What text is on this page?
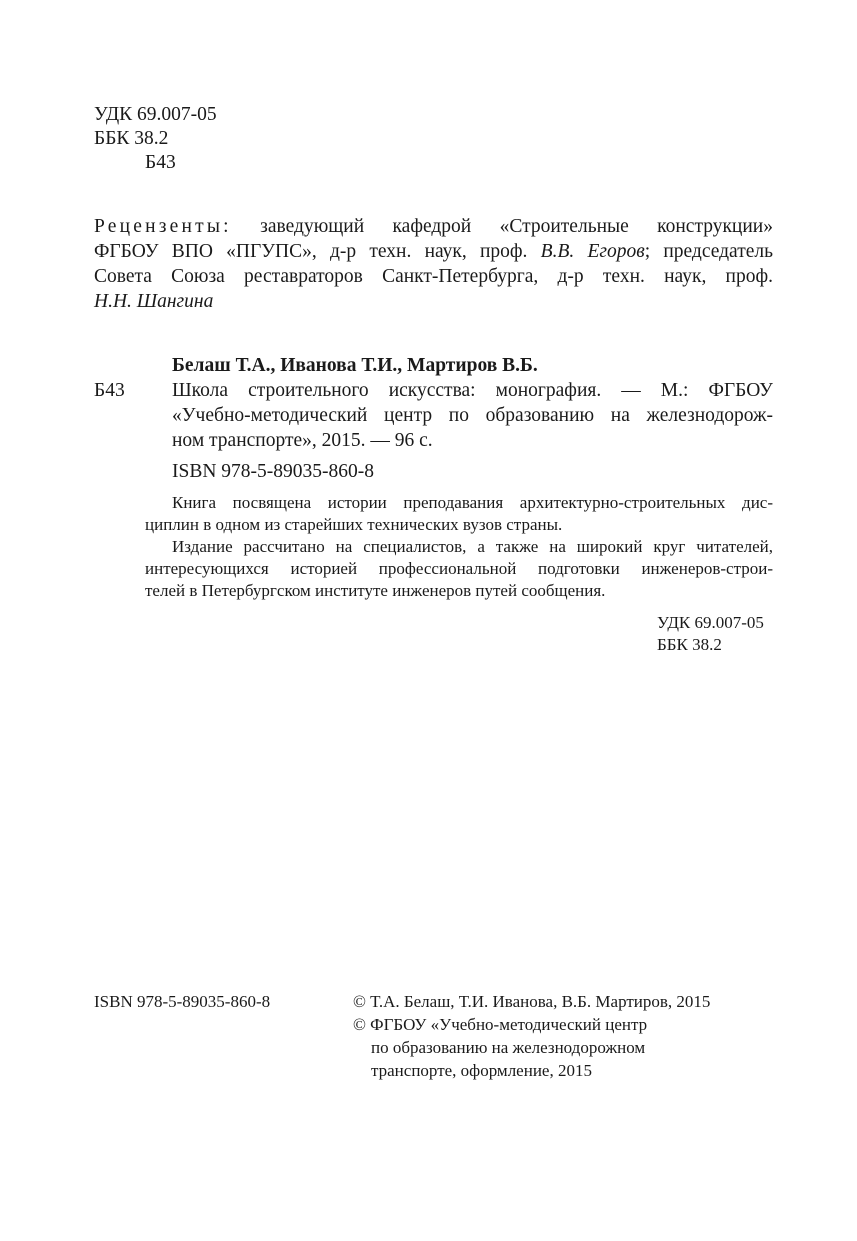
УДК 69.007-05
ББК 38.2
Б43
Рецензенты: заведующий кафедрой «Строительные конструкции»
ФГБОУ ВПО «ПГУПС», д-р техн. наук, проф. В.В. Егоров; председатель
Совета Союза реставраторов Санкт-Петербурга, д-р техн. наук, проф.
Н.Н. Шангина
Белаш Т.А., Иванова Т.И., Мартиров В.Б.
Б43 Школа строительного искусства: монография. — М.: ФГБОУ
«Учебно-методический центр по образованию на железнодорож-
ном транспорте», 2015. — 96 с.
ISBN 978-5-89035-860-8
Книга посвящена истории преподавания архитектурно-строительных дис-
циплин в одном из старейших технических вузов страны.
Издание рассчитано на специалистов, а также на широкий круг читателей,
интересующихся историей профессиональной подготовки инженеров-строи-
телей в Петербургском институте инженеров путей сообщения.
УДК 69.007-05
ББК 38.2
ISBN 978-5-89035-860-8	© Т.А. Белаш, Т.И. Иванова, В.Б. Мартиров, 2015
© ФГБОУ «Учебно-методический центр
по образованию на железнодорожном
транспорте, оформление, 2015
